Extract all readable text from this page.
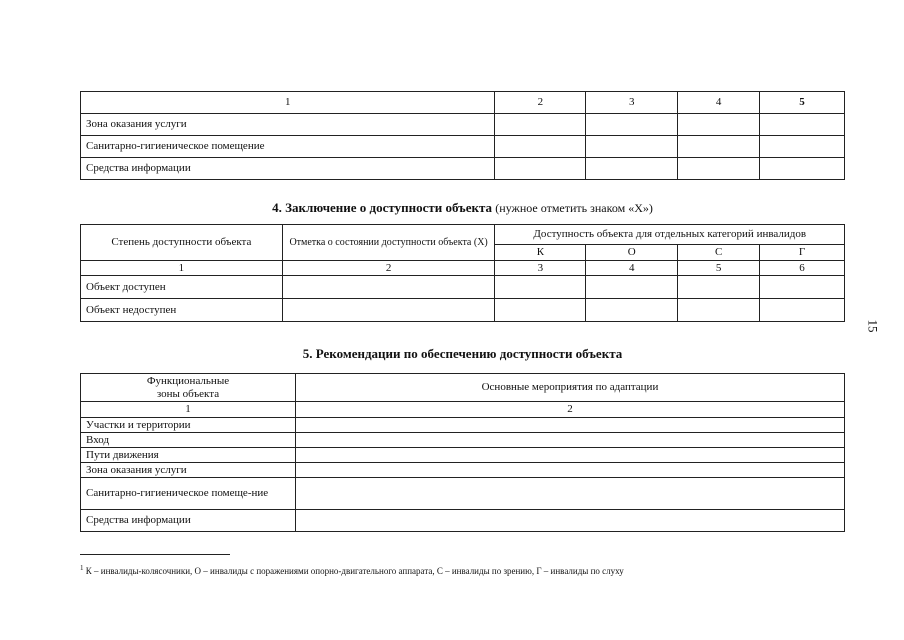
1	2	3	4	5
Зона оказания услуги				
Санитарно-гигиеническое помещение				
Средства информации				
4. Заключение о доступности объекта (нужное отметить знаком «Х»)
Степень доступности объекта	Отметка о состоянии доступности объекта (Х)	Доступность объекта для отдельных категорий инвалидов			
		К	О	С	Г
1	2	3	4	5	6
Объект доступен					
Объект недоступен					
15
5. Рекомендации по обеспечению доступности объекта
Функциональные зоны объекта	Основные мероприятия по адаптации
1	2
Участки и территории	
Вход	
Пути движения	
Зона оказания услуги	
Санитарно-гигиеническое помеще-ние	
Средства информации	
$^1$ К – инвалиды-колясочники, О – инвалиды с поражениями опорно-двигательного аппарата, С – инвалиды по зрению, Г – инвалиды по слуху
